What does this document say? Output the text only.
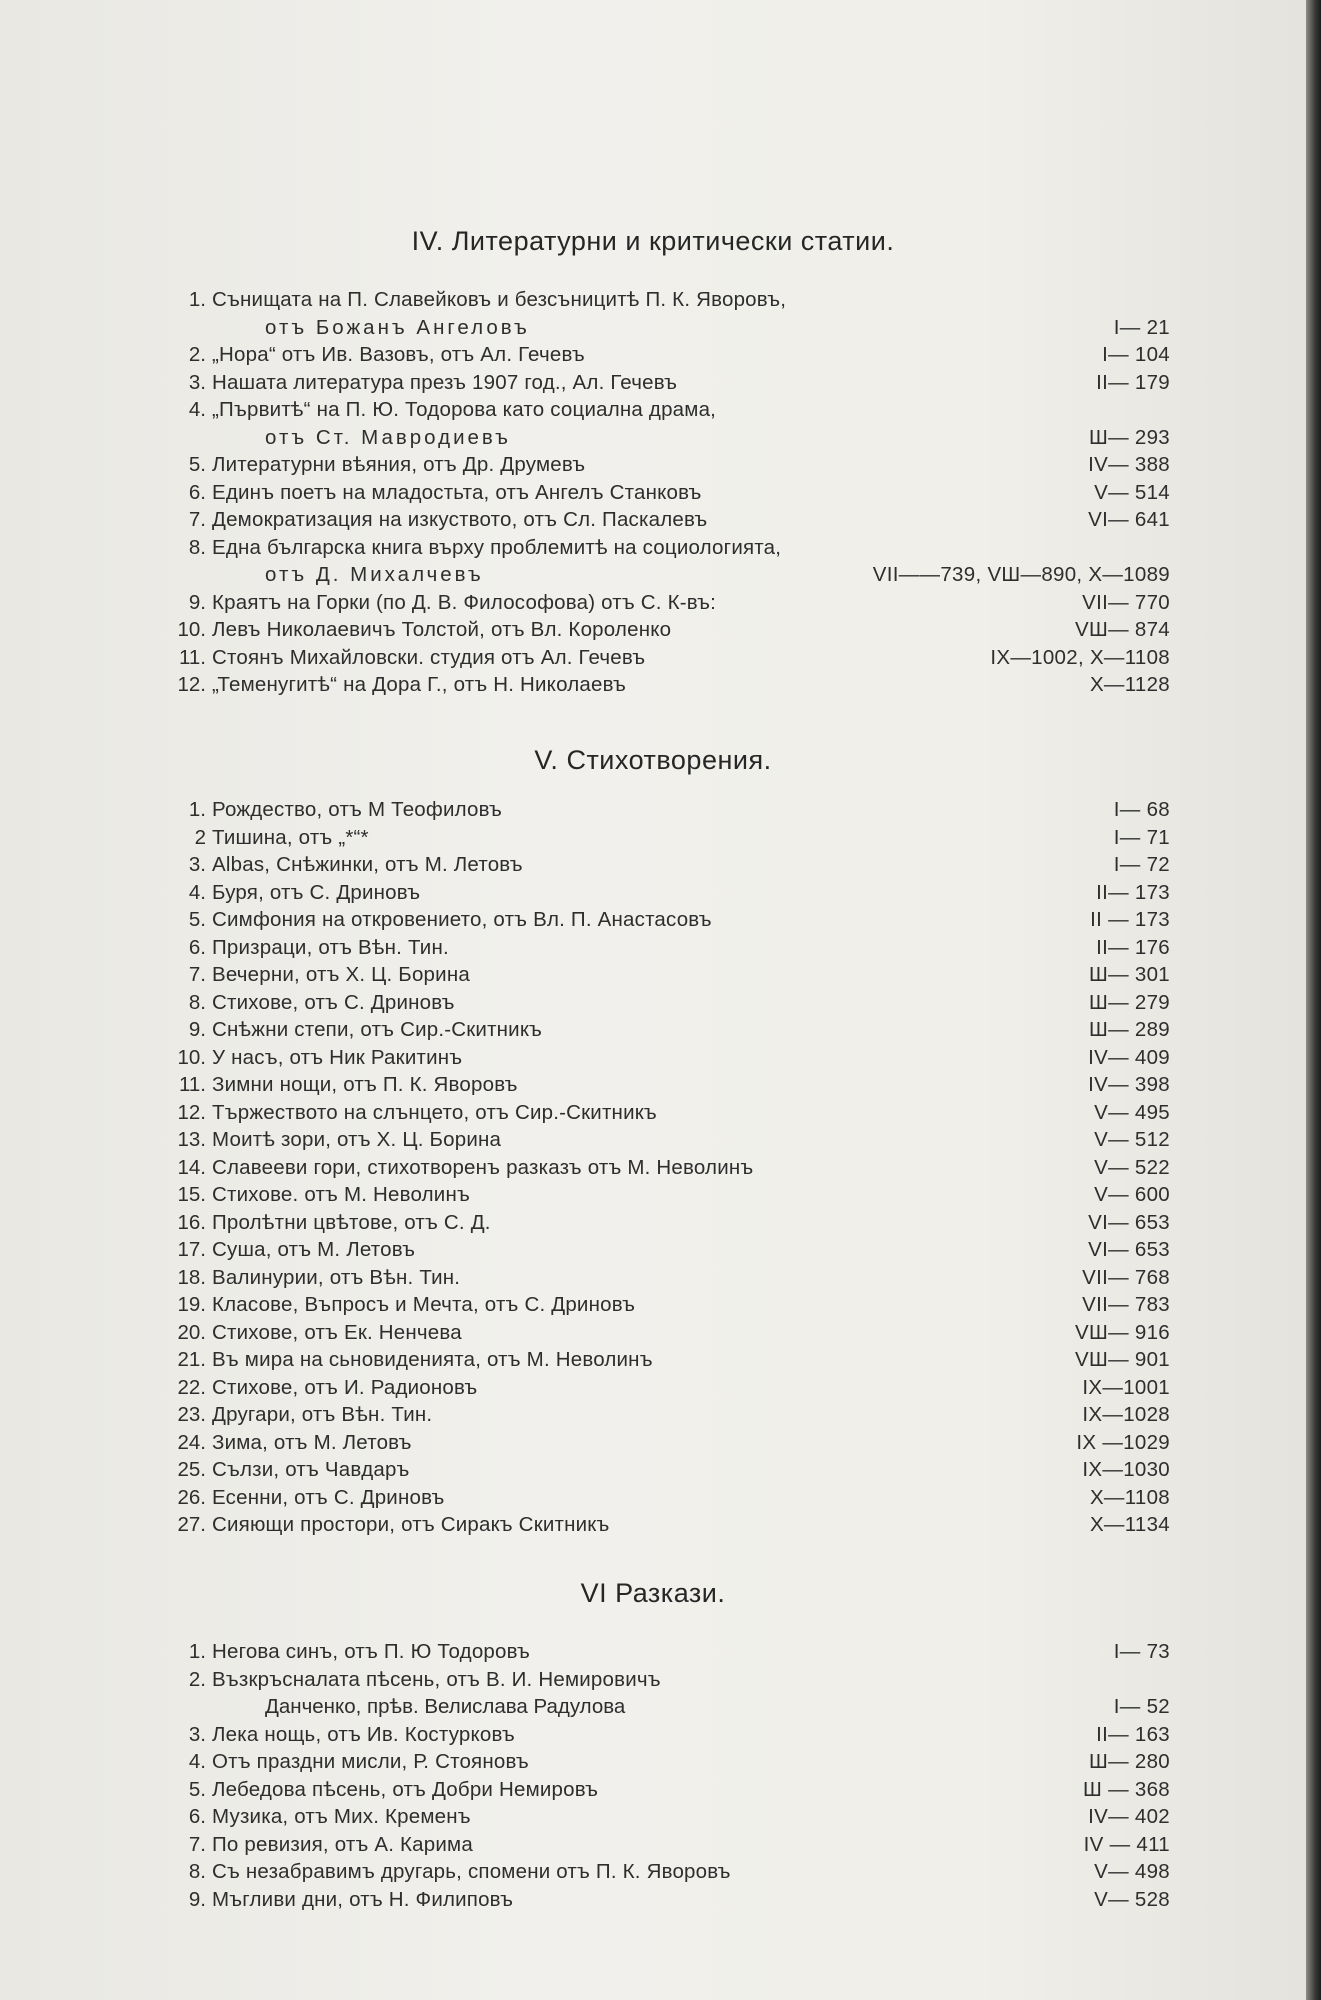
IV. Литературни и критически статии.
1. Сънищата на П. Славейковъ и безсъницитѣ П. К. Яворовъ,
отъ Божанъ Ангеловъ	I— 21
2. „Нора“ отъ Ив. Вазовъ, отъ Ал. Гечевъ	I— 104
3. Нашата литература презъ 1907 год., Ал. Гечевъ	II— 179
4. „Първитѣ“ на П. Ю. Тодорова като социална драма,
отъ Ст. Мавродиевъ	Ш— 293
5. Литературни вѣяния, отъ Др. Друмевъ	IV— 388
6. Единъ поетъ на младостьта, отъ Ангелъ Станковъ	V— 514
7. Демократизация на изкуството, отъ Сл. Паскалевъ	VI— 641
8. Една българска книга върху проблемитѣ на социологията,
отъ Д. Михалчевъ	VII——739, VШ—890, X—1089
9. Краятъ на Горки (по Д. В. Философова) отъ С. К-въ:	VII— 770
10. Левъ Николаевичъ Толстой, отъ Вл. Короленко	VШ— 874
11. Стоянъ Михайловски. студия отъ Ал. Гечевъ	IX—1002, X—1108
12. „Теменугитѣ“ на Дора Г., отъ Н. Николаевъ	X—1128
V. Стихотворения.
1. Рождество, отъ М Теофиловъ	I— 68
2 Тишина, отъ „*“*	I— 71
3. Albas, Снѣжинки, отъ М. Летовъ	I— 72
4. Буря, отъ С. Дриновъ	II— 173
5. Симфония на откровението, отъ Вл. П. Анастасовъ	II — 173
6. Призраци, отъ Вѣн. Тин.	II— 176
7. Вечерни, отъ Х. Ц. Борина	Ш— 301
8. Стихове, отъ С. Дриновъ	Ш— 279
9. Снѣжни степи, отъ Сир.-Скитникъ	Ш— 289
10. У насъ, отъ Ник Ракитинъ	IV— 409
11. Зимни нощи, отъ П. К. Яворовъ	IV— 398
12. Тържеството на слънцето, отъ Сир.-Скитникъ	V— 495
13. Моитѣ зори, отъ Х. Ц. Борина	V— 512
14. Славееви гори, стихотворенъ разказъ отъ М. Неволинъ	V— 522
15. Стихове. отъ М. Неволинъ	V— 600
16. Пролѣтни цвѣтове, отъ С. Д.	VI— 653
17. Суша, отъ М. Летовъ	VI— 653
18. Валинурии, отъ Вѣн. Тин.	VII— 768
19. Класове, Въпросъ и Мечта, отъ С. Дриновъ	VII— 783
20. Стихове, отъ Ек. Ненчева	VШ— 916
21. Въ мира на сьновиденията, отъ М. Неволинъ	VШ— 901
22. Стихове, отъ И. Радионовъ	IX—1001
23. Другари, отъ Вѣн. Тин.	IX—1028
24. Зима, отъ М. Летовъ	IX —1029
25. Сълзи, отъ Чавдаръ	IX—1030
26. Есенни, отъ С. Дриновъ	X—1108
27. Сияющи простори, отъ Сиракъ Скитникъ	X—1134
VI Разкази.
1. Негова синъ, отъ П. Ю Тодоровъ	I— 73
2. Възкръсналата пѣсень, отъ В. И. Немировичъ
Данченко, прѣв. Велислава Радулова	I— 52
3. Лека нощь, отъ Ив. Костурковъ	II— 163
4. Отъ праздни мисли, Р. Стояновъ	Ш— 280
5. Лебедова пѣсень, отъ Добри Немировъ	Ш — 368
6. Музика, отъ Мих. Кременъ	IV— 402
7. По ревизия, отъ А. Карима	IV — 411
8. Съ незабравимъ другарь, спомени отъ П. К. Яворовъ	V— 498
9. Мъгливи дни, отъ Н. Филиповъ	V— 528
